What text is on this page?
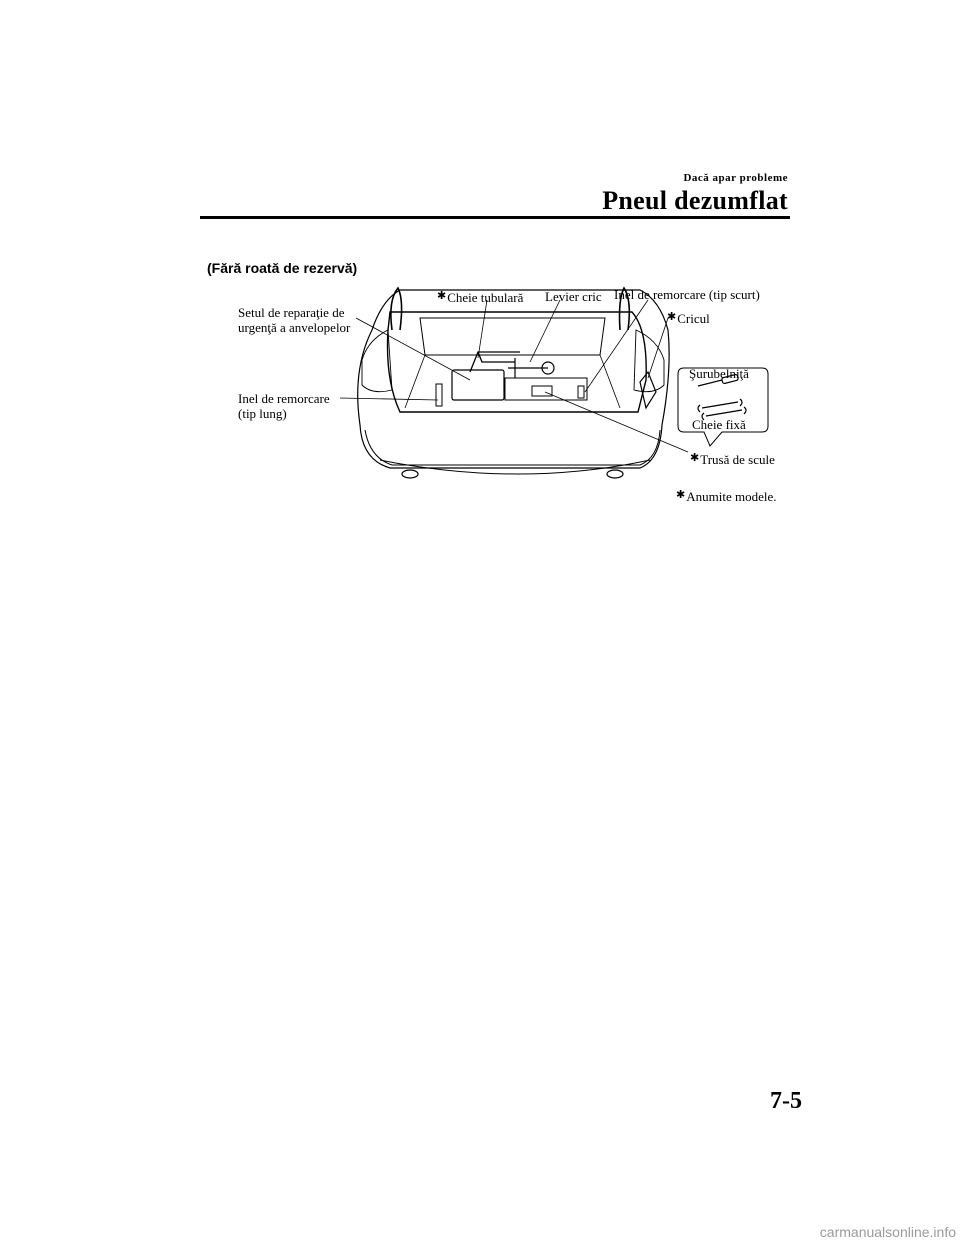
Dacă apar probleme
Pneul dezumflat
(Fără roată de rezervă)
Setul de reparaţie de
urgenţă a anvelopelor
✱Cheie tubulară Levier cric Inel de remorcare (tip scurt)
✱Cricul
Şurubelniţă
Cheie fixă
Inel de remorcare
(tip lung)
✱Trusă de scule
✱Anumite modele.
7-5
carmanualsonline.info
